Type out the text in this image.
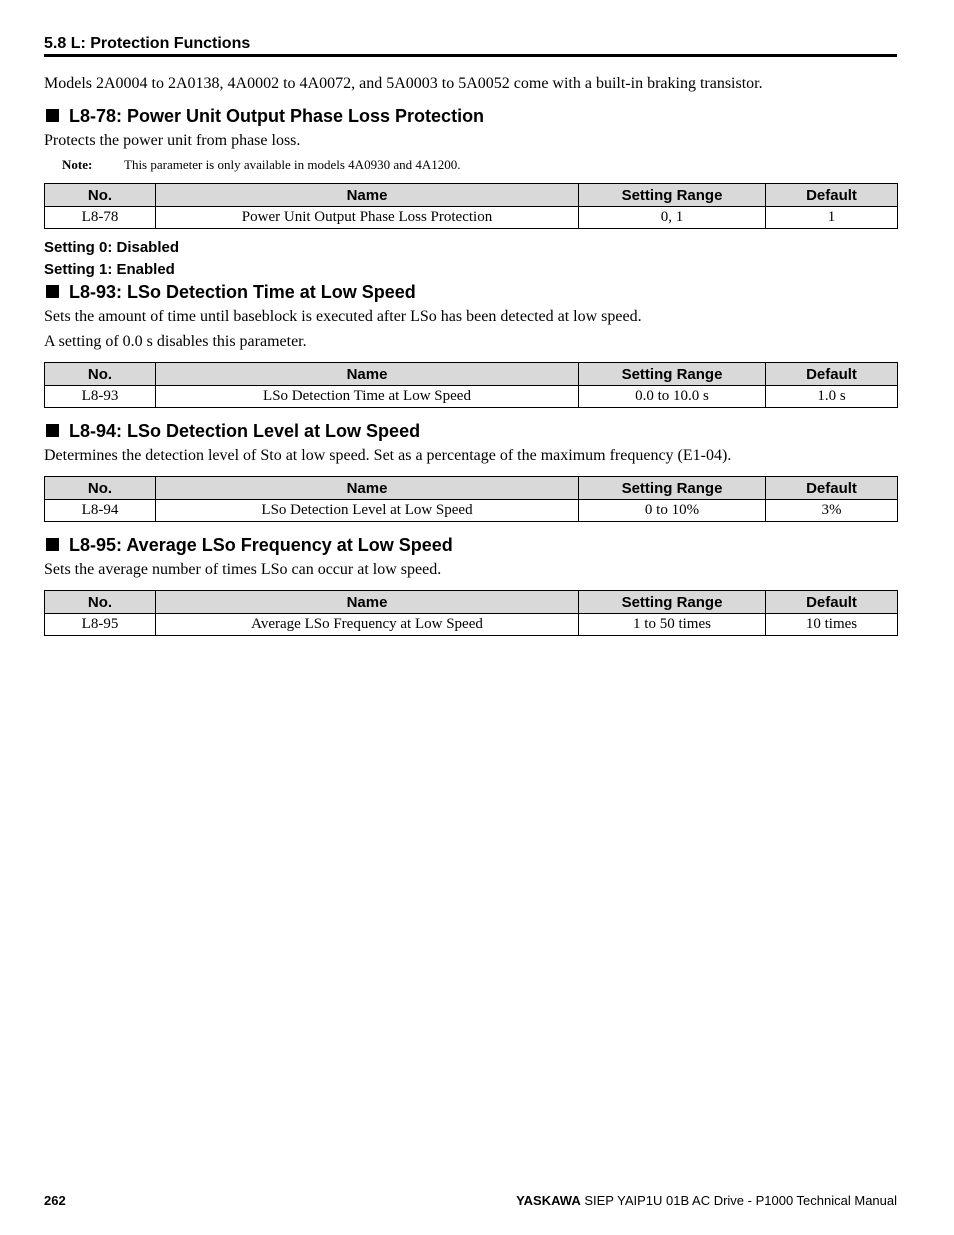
5.8 L: Protection Functions
Models 2A0004 to 2A0138, 4A0002 to 4A0072, and 5A0003 to 5A0052 come with a built-in braking transistor.
L8-78: Power Unit Output Phase Loss Protection
Protects the power unit from phase loss.
Note: This parameter is only available in models 4A0930 and 4A1200.
No.	Name	Setting Range	Default
L8-78	Power Unit Output Phase Loss Protection	0, 1	1
Setting 0: Disabled
Setting 1: Enabled
L8-93: LSo Detection Time at Low Speed
Sets the amount of time until baseblock is executed after LSo has been detected at low speed.
A setting of 0.0 s disables this parameter.
No.	Name	Setting Range	Default
L8-93	LSo Detection Time at Low Speed	0.0 to 10.0 s	1.0 s
L8-94: LSo Detection Level at Low Speed
Determines the detection level of Sto at low speed. Set as a percentage of the maximum frequency (E1-04).
No.	Name	Setting Range	Default
L8-94	LSo Detection Level at Low Speed	0 to 10%	3%
L8-95: Average LSo Frequency at Low Speed
Sets the average number of times LSo can occur at low speed.
No.	Name	Setting Range	Default
L8-95	Average LSo Frequency at Low Speed	1 to 50 times	10 times
262	YASKAWA SIEP YAIP1U 01B AC Drive - P1000 Technical Manual
